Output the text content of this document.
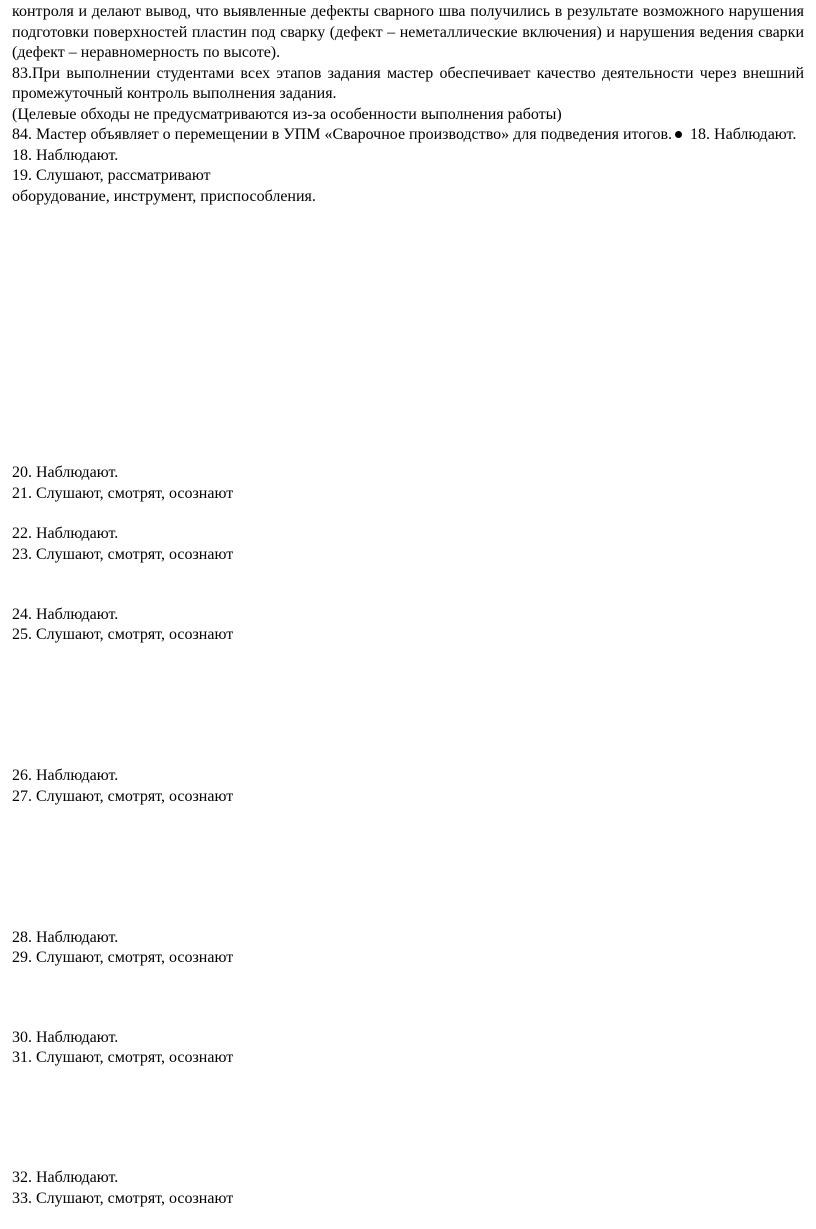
контроля и делают вывод, что выявленные дефекты сварного шва получились в результате возможного нарушения подготовки поверхностей пластин под сварку (дефект – неметаллические включения) и нарушения ведения сварки (дефект – неравномерность по высоте).

83.При выполнении студентами всех этапов задания мастер обеспечивает качество деятельности через внешний промежуточный контроль выполнения задания.

(Целевые обходы не предусматриваются из-за особенности выполнения работы)

84. Мастер объявляет о перемещении в УПМ «Сварочное производство» для подведения итогов. 18. Наблюдают.

18. Наблюдают.

19. Слушают, рассматривают

оборудование, инструмент, приспособления.

20. Наблюдают.

21. Слушают, смотрят, осознают

22. Наблюдают.

23. Слушают, смотрят, осознают

24. Наблюдают.

25. Слушают, смотрят, осознают

26. Наблюдают.

27. Слушают, смотрят, осознают

28. Наблюдают.

29. Слушают, смотрят, осознают

30. Наблюдают.

31. Слушают, смотрят, осознают

32. Наблюдают.

33. Слушают, смотрят, осознают
